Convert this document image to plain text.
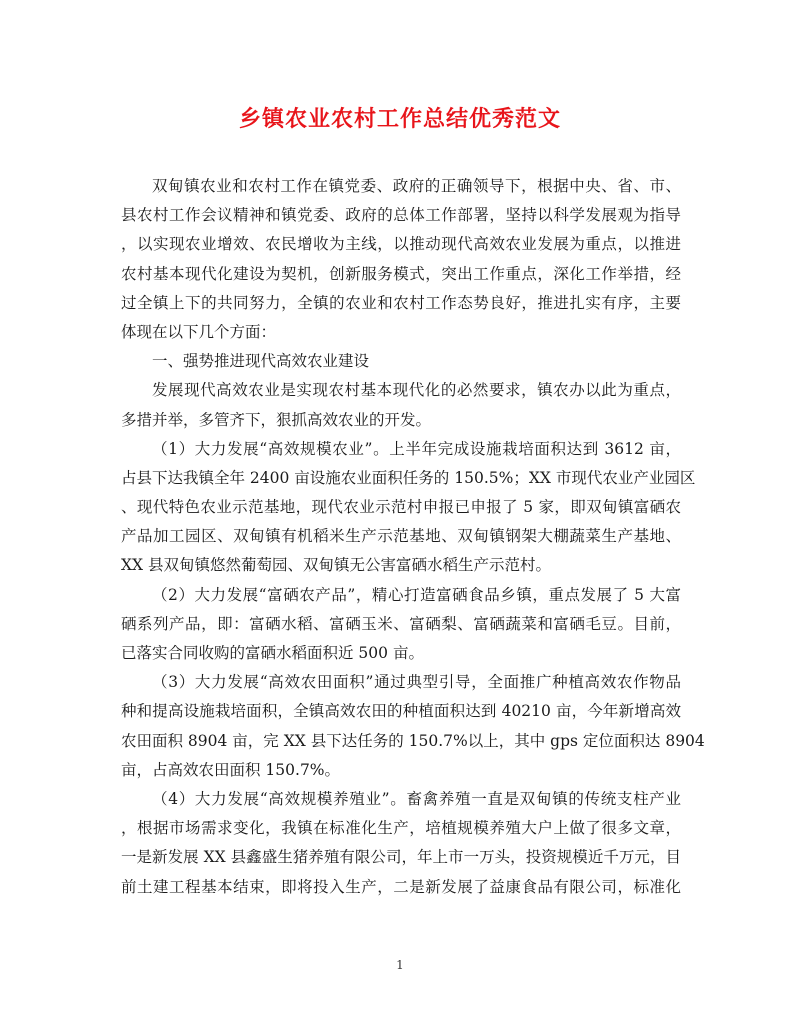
乡镇农业农村工作总结优秀范文
双甸镇农业和农村工作在镇党委、政府的正确领导下，根据中央、省、市、
县农村工作会议精神和镇党委、政府的总体工作部署，坚持以科学发展观为指导
，以实现农业增效、农民增收为主线，以推动现代高效农业发展为重点，以推进
农村基本现代化建设为契机，创新服务模式，突出工作重点，深化工作举措，经
过全镇上下的共同努力，全镇的农业和农村工作态势良好，推进扎实有序，主要
体现在以下几个方面：
一、强势推进现代高效农业建设
发展现代高效农业是实现农村基本现代化的必然要求，镇农办以此为重点，
多措并举，多管齐下，狠抓高效农业的开发。
（1）大力发展“高效规模农业”。上半年完成设施栽培面积达到 3612 亩，
占县下达我镇全年 2400 亩设施农业面积任务的 150.5%；XX 市现代农业产业园区
、现代特色农业示范基地，现代农业示范村申报已申报了 5 家，即双甸镇富硒农
产品加工园区、双甸镇有机稻米生产示范基地、双甸镇钢架大棚蔬菜生产基地、
XX 县双甸镇悠然葡萄园、双甸镇无公害富硒水稻生产示范村。
（2）大力发展“富硒农产品”，精心打造富硒食品乡镇，重点发展了 5 大富
硒系列产品，即：富硒水稻、富硒玉米、富硒梨、富硒蔬菜和富硒毛豆。目前，
已落实合同收购的富硒水稻面积近 500 亩。
（3）大力发展“高效农田面积”通过典型引导，全面推广种植高效农作物品
种和提高设施栽培面积，全镇高效农田的种植面积达到 40210 亩，今年新增高效
农田面积 8904 亩，完 XX 县下达任务的 150.7%以上，其中 gps 定位面积达 8904
亩，占高效农田面积 150.7%。
（4）大力发展“高效规模养殖业”。畜禽养殖一直是双甸镇的传统支柱产业
，根据市场需求变化，我镇在标准化生产，培植规模养殖大户上做了很多文章，
一是新发展 XX 县鑫盛生猪养殖有限公司，年上市一万头，投资规模近千万元，目
前土建工程基本结束，即将投入生产，二是新发展了益康食品有限公司，标准化
1
